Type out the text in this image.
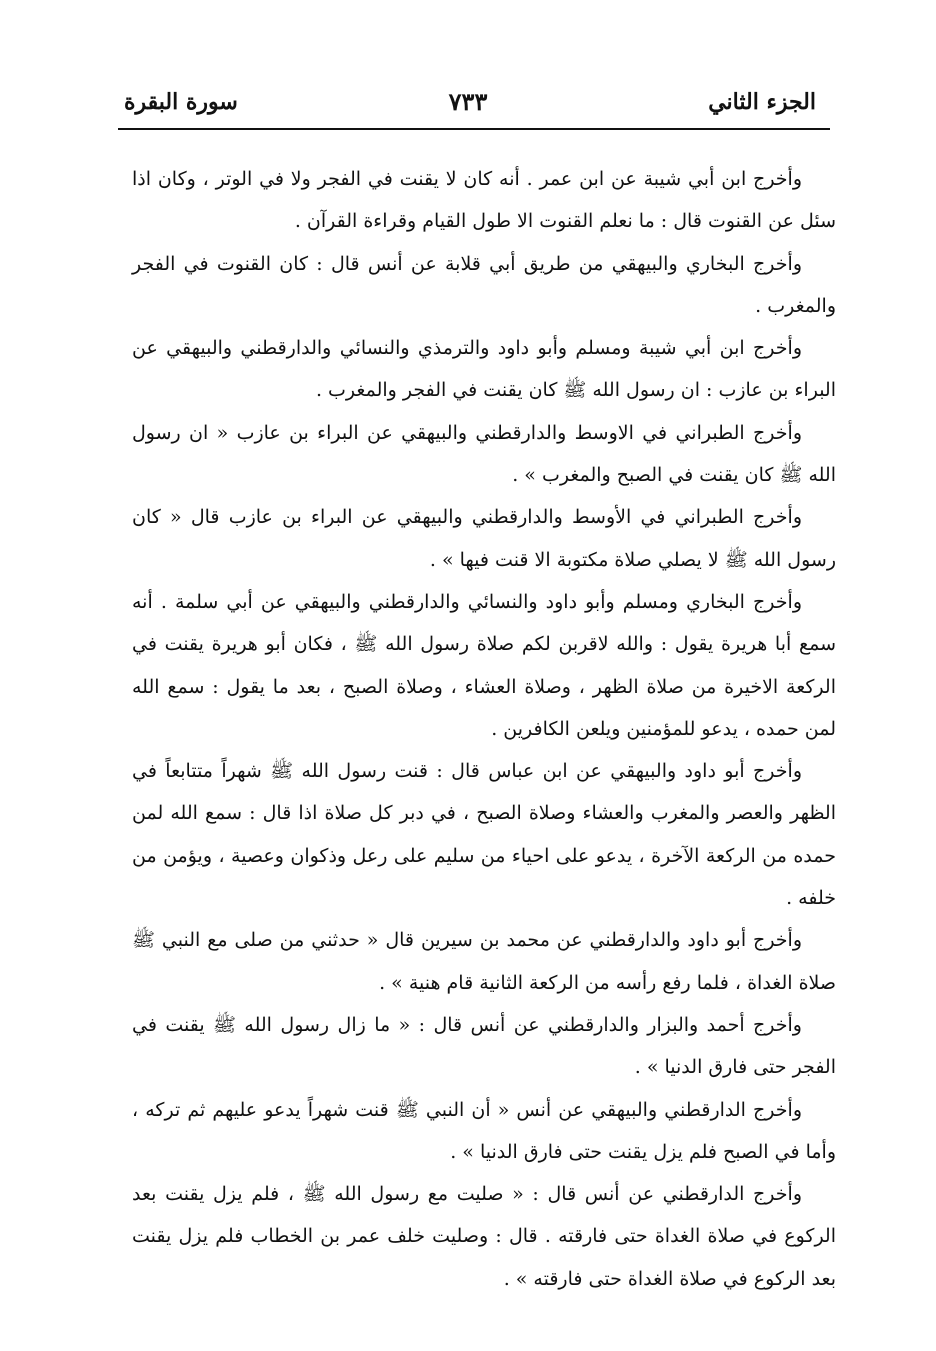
الجزء الثاني
٧٣٣
سورة البقرة

وأخرج ابن أبي شيبة عن ابن عمر . أنه كان لا يقنت في الفجر ولا في الوتر ، وكان اذا سئل عن القنوت قال : ما نعلم القنوت الا طول القيام وقراءة القرآن .

وأخرج البخاري والبيهقي من طريق أبي قلابة عن أنس قال : كان القنوت في الفجر والمغرب .

وأخرج ابن أبي شيبة ومسلم وأبو داود والترمذي والنسائي والدارقطني والبيهقي عن البراء بن عازب : ان رسول الله ﷺ كان يقنت في الفجر والمغرب .

وأخرج الطبراني في الاوسط والدارقطني والبيهقي عن البراء بن عازب « ان رسول الله ﷺ كان يقنت في الصبح والمغرب » .

وأخرج الطبراني في الأوسط والدارقطني والبيهقي عن البراء بن عازب قال « كان رسول الله ﷺ لا يصلي صلاة مكتوبة الا قنت فيها » .

وأخرج البخاري ومسلم وأبو داود والنسائي والدارقطني والبيهقي عن أبي سلمة . أنه سمع أبا هريرة يقول : والله لاقربن لكم صلاة رسول الله ﷺ ، فكان أبو هريرة يقنت في الركعة الاخيرة من صلاة الظهر ، وصلاة العشاء ، وصلاة الصبح ، بعد ما يقول : سمع الله لمن حمده ، يدعو للمؤمنين ويلعن الكافرين .

وأخرج أبو داود والبيهقي عن ابن عباس قال : قنت رسول الله ﷺ شهراً متتابعاً في الظهر والعصر والمغرب والعشاء وصلاة الصبح ، في دبر كل صلاة اذا قال : سمع الله لمن حمده من الركعة الآخرة ، يدعو على احياء من سليم على رعل وذكوان وعصية ، ويؤمن من خلفه .

وأخرج أبو داود والدارقطني عن محمد بن سيرين قال « حدثني من صلى مع النبي ﷺ صلاة الغداة ، فلما رفع رأسه من الركعة الثانية قام هنية » .

وأخرج أحمد والبزار والدارقطني عن أنس قال : « ما زال رسول الله ﷺ يقنت في الفجر حتى فارق الدنيا » .

وأخرج الدارقطني والبيهقي عن أنس « أن النبي ﷺ قنت شهراً يدعو عليهم ثم تركه ، وأما في الصبح فلم يزل يقنت حتى فارق الدنيا » .

وأخرج الدارقطني عن أنس قال : « صليت مع رسول الله ﷺ ، فلم يزل يقنت بعد الركوع في صلاة الغداة حتى فارقته . قال : وصليت خلف عمر بن الخطاب فلم يزل يقنت بعد الركوع في صلاة الغداة حتى فارقته » .
